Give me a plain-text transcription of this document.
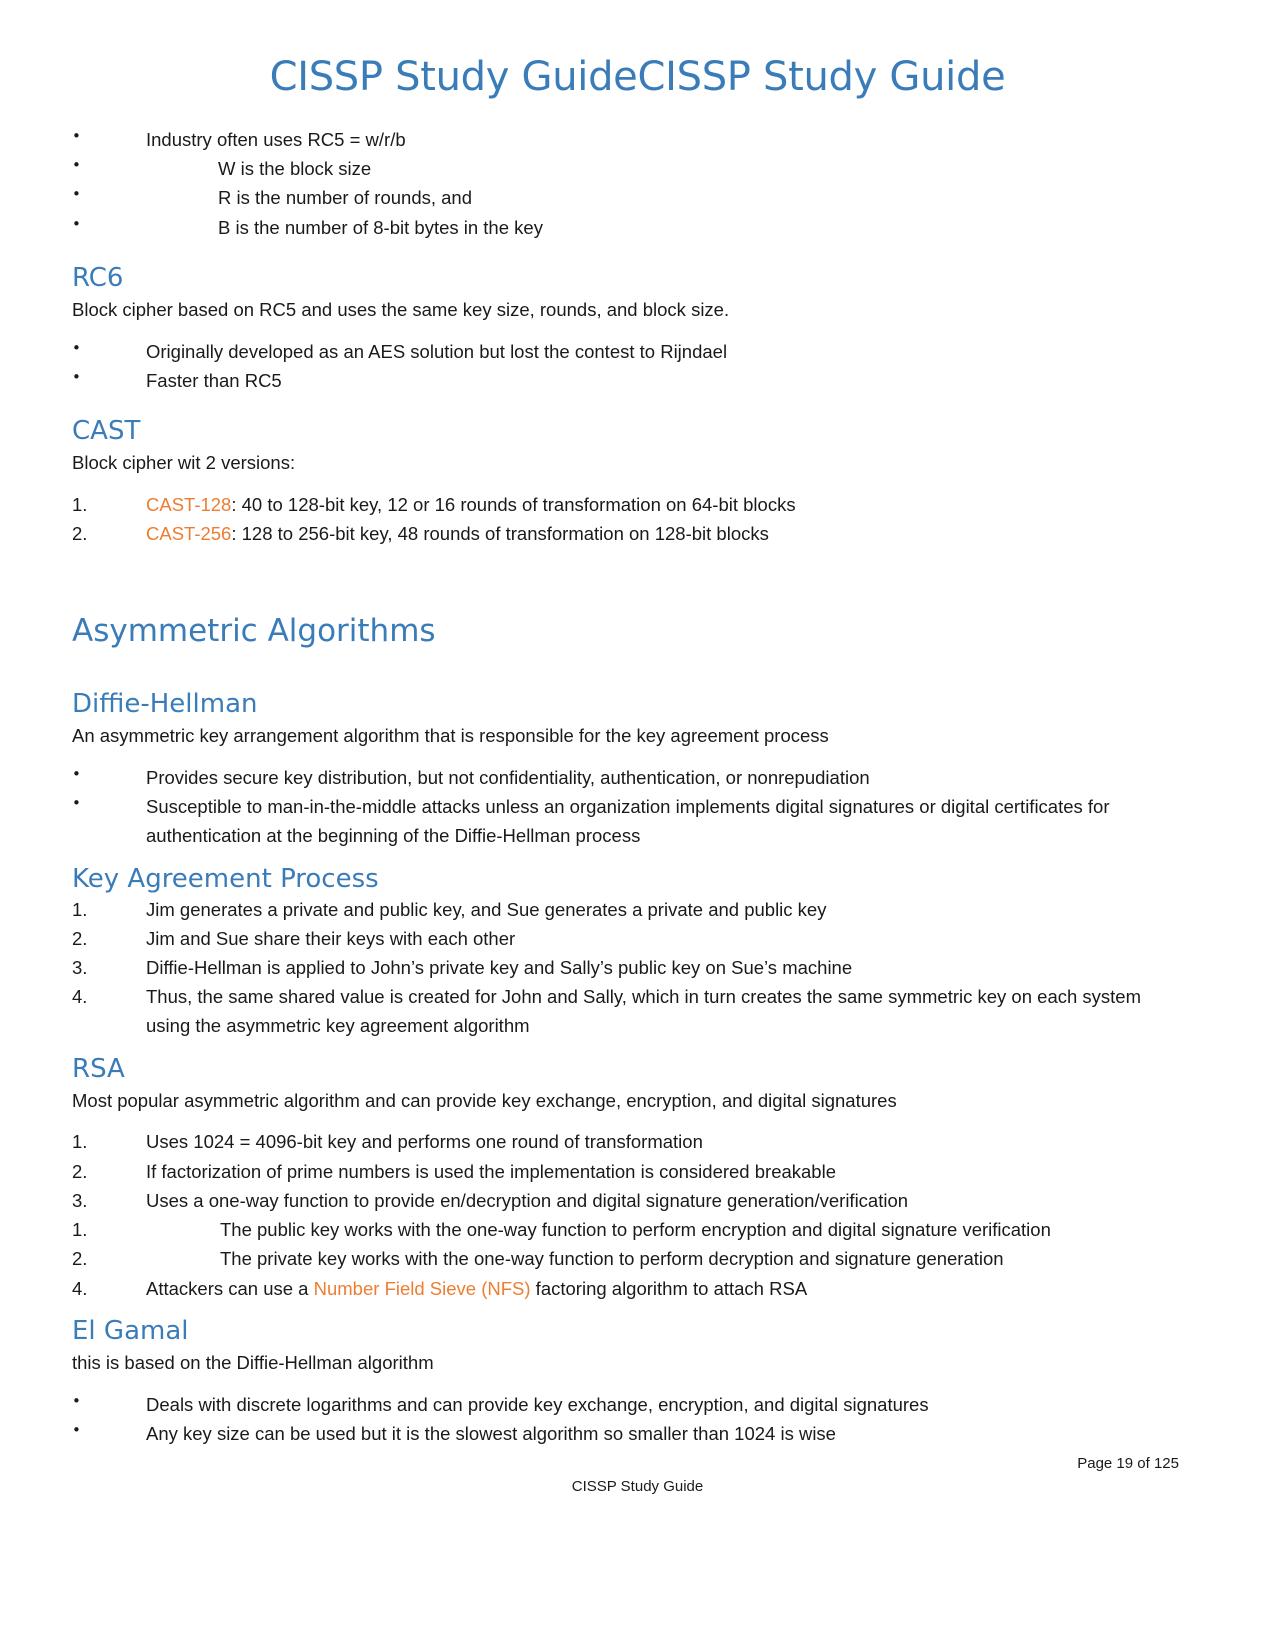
CISSP Study GuideCISSP Study Guide
•	Industry often uses RC5 = w/r/b
•	W is the block size
•	R is the number of rounds, and
•	B is the number of 8-bit bytes in the key
RC6

Block cipher based on RC5 and uses the same key size, rounds, and block size.

•	Originally developed as an AES solution but lost the contest to Rijndael
•	Faster than RC5
CAST

Block cipher wit 2 versions:

1.	CAST-128: 40 to 128-bit key, 12 or 16 rounds of transformation on 64-bit blocks
2.	CAST-256: 128 to 256-bit key, 48 rounds of transformation on 128-bit blocks
Asymmetric Algorithms
Diffie-Hellman

An asymmetric key arrangement algorithm that is responsible for the key agreement process

•	Provides secure key distribution, but not confidentiality, authentication, or nonrepudiation
•	Susceptible to man-in-the-middle attacks unless an organization implements digital signatures or digital certificates for authentication at the beginning of the Diffie-Hellman process
Key Agreement Process
1.	Jim generates a private and public key, and Sue generates a private and public key
2.	Jim and Sue share their keys with each other
3.	Diffie-Hellman is applied to John’s private key and Sally’s public key on Sue’s machine
4.	Thus, the same shared value is created for John and Sally, which in turn creates the same symmetric key on each system using the asymmetric key agreement algorithm
RSA

Most popular asymmetric algorithm and can provide key exchange, encryption, and digital signatures

1.	Uses 1024 = 4096-bit key and performs one round of transformation
2.	If factorization of prime numbers is used the implementation is considered breakable
3.	Uses a one-way function to provide en/decryption and digital signature generation/verification
1.	The public key works with the one-way function to perform encryption and digital signature verification
2.	The private key works with the one-way function to perform decryption and signature generation
4.	Attackers can use a Number Field Sieve (NFS) factoring algorithm to attach RSA
El Gamal

this is based on the Diffie-Hellman algorithm

•	Deals with discrete logarithms and can provide key exchange, encryption, and digital signatures
•	Any key size can be used but it is the slowest algorithm so smaller than 1024 is wise
Page 19 of 125
CISSP Study Guide
